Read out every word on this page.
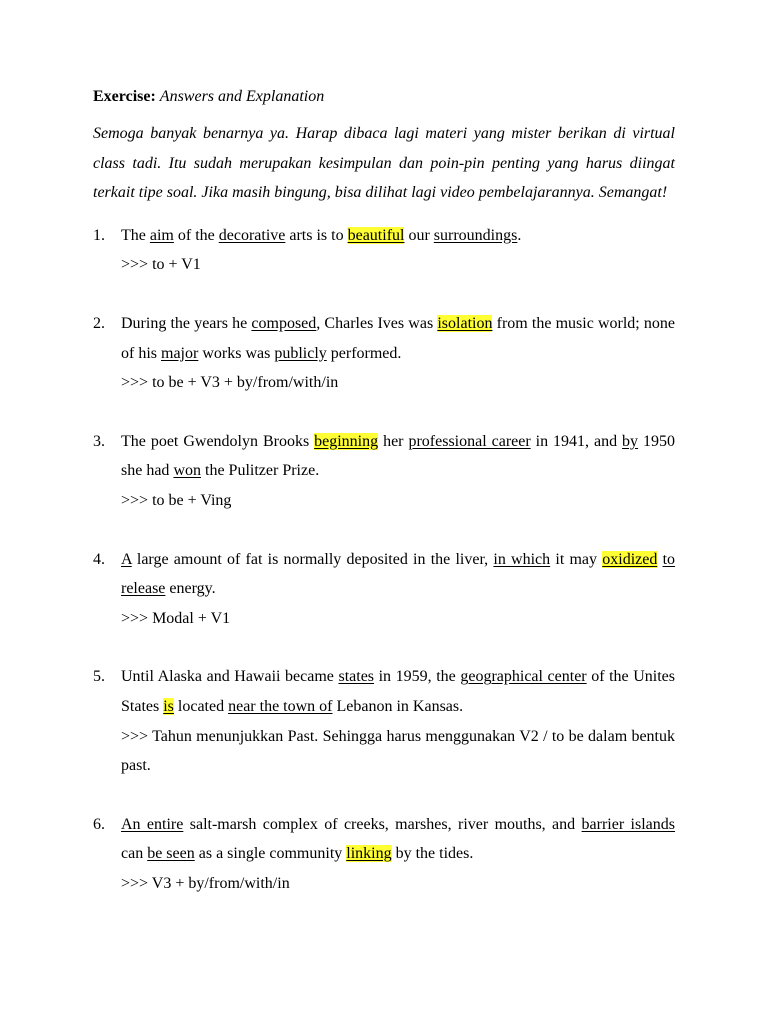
Exercise: Answers and Explanation

Semoga banyak benarnya ya. Harap dibaca lagi materi yang mister berikan di virtual class tadi. Itu sudah merupakan kesimpulan dan poin-pin penting yang harus diingat terkait tipe soal. Jika masih bingung, bisa dilihat lagi video pembelajarannya. Semangat!

1. The aim of the decorative arts is to beautiful our surroundings.

>>> to + V1

2. During the years he composed, Charles Ives was isolation from the music world; none of his major works was publicly performed.

>>> to be + V3 + by/from/with/in

3. The poet Gwendolyn Brooks beginning her professional career in 1941, and by 1950 she had won the Pulitzer Prize.

>>> to be + Ving

4. A large amount of fat is normally deposited in the liver, in which it may oxidized to release energy.

>>> Modal + V1

5. Until Alaska and Hawaii became states in 1959, the geographical center of the Unites States is located near the town of Lebanon in Kansas.

>>> Tahun menunjukkan Past. Sehingga harus menggunakan V2 / to be dalam bentuk past.

6. An entire salt-marsh complex of creeks, marshes, river mouths, and barrier islands can be seen as a single community linking by the tides.

>>> V3 + by/from/with/in
